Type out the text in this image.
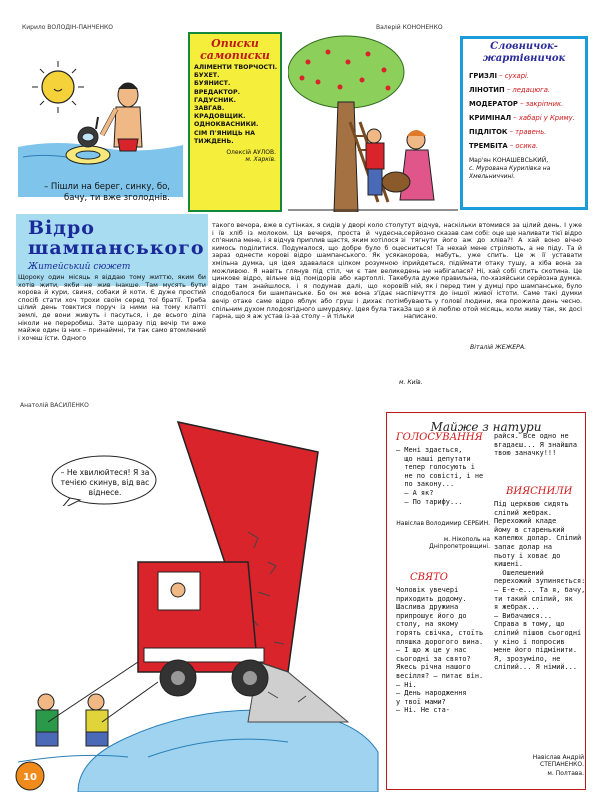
Кирило ВОЛОДІН-ПАНЧЕНКО	Валерій КОНОНЕНКО
Анатолій ВАСИЛЕНКО
– Пішли на берег, синку, бо, бачу, ти вже зголоднів.
Описки самописки
АЛІМЕНТИ ТВОРЧОСТІ.
БУХЕТ.
БУЯНИСТ.
ВРЕДАКТОР.
ГАДУСНИК.
ЗАВГАВ.
КРАДОВЩИК.
ОДНОКВАСНИКИ.
СІМ П'ЯНИЦЬ НА ТИЖДЕНЬ.
Олексій АУЛОВ.
м. Харків.
Словничок-жартівничок
ГРИЗЛІ – сухарі.
ЛІНОТИП – ледацюга.
МОДЕРАТОР – закріпник.
КРИМІНАЛ – хабарі у Криму.
ПІДЛІТОК – травень.
ТРЕМБІТА – осика.
Мар'ян КОНАШЕВСЬКИЙ,
с. Мурована Курилівка на Хмельниччині.
Відро
шампанського
Житейський сюжет
Щороку один місяць я віддаю тому життю, яким би хотів жити, якби не жив інакше. Там мусять бути корова й кури, свиня, собаки й коти. Є дуже простий спосіб стати хоч трохи своїм серед тої братії. Треба цілий день товктися поруч із ними на тому клапті землі, де вони живуть і пасуться, і де всього діла ніколи не переробиш. Зате щоразу під вечір ти вже майже один із них – принаймні, ти так само втомлений і хочеш їсти. Одного
такого вечора, вже в сутінках, я сидів у дворі коло столу і їв хліб із молоком. Ця вечеря, проста й чудесна, сп'янила мене, і я відчув приплив щастя, яким хотілося з кимось поділитися. Подумалося, що добре було б оце зараз однести корові відро шампанського. Як усяка хмільна думка, ця ідея здавалася цілком розумною і можливою. Я навіть глянув під стіл, чи є там велике цинкове відро, вільне від помідорів або картоплі. Таке відро там знайшлося, і я подумав далі, що корові сподобалося би шампанське. Бо он же вона з'їдає на вечір отаке саме відро яблук або груш і дихає потім спільним духом плодоягідного шмурдяку. Ідея була така гарна, що я аж устав із-за столу – й тільки
тут відчув, наскільки втомився за цілий день. І уже серйозно сказав сам собі: оце ще наливати тієї відро і тягнути його аж до хліва?! А хай воно вічно сниться! Та нехай мене стріляють, а не піду. Та й корова, мабуть, уже спить. Це ж її уставати прийдеться, підіймати отаку тушу, а хіба вона за день не набігалася? Ні, хай собі спить скотина. Це була дуже правильна, по-хазяйськи серйозна думка. В ній, як і перед тим у думці про шампанське, було співчуття до іншої живої істоти. Саме такі думки бувають у головї людини, яка прожила день чесно. За що я й люблю отой місяць, коли живу так, як досі написано.
Віталій ЖЕЖЕРА.
м. Київ.
– Не хвилюйтеся! Я за течією скинув, від вас віднесе.
Майже з натури
ГОЛОСУВАННЯ
– Мені здається,
що наші депутати
тепер голосують і
не по совісті, і не
по закону...
– А як?
– По тарифу...
Навіслав Володимир СЕРБИН.
м. Нікополь на Дніпропетровщині.
СВЯТО
Чоловік увечері
приходить додому.
Шаслива дружина
припрошує його до
столу, на якому
горять свічка, стоїть
пляшка дорогого вина.
– І що ж це у нас
сьогодні за свято?
Якесь річна нашого
весілля? – питає він.
– Ні.
– День народження
у твої мами?
– Ні. Не ста-
райся. Все одно не вгадаєш... Я знайшла твою заначку!!!
ВИЯСНИЛИ
Під церквою сидять
сліпий жебрак.
Перехожий кладе
йому в старенький
капелюх долар. Сліпий
запає долар на
пьоту і ховає до
кишені.
Ошелешений
перехожий зупиняється:
– Е-е-е... Та я, бачу,
ти такий сліпий, як
я жебрак...
– Вибачаюся...
Справа в тому, що
сліпий пішов сьогодні
у кіно і попросив
мене його підмінити.
Я, зрозуміло, не
сліпий... Я німий...
Навіслав Андрій СТЕПАНЕНКО.
м. Полтава.
10
